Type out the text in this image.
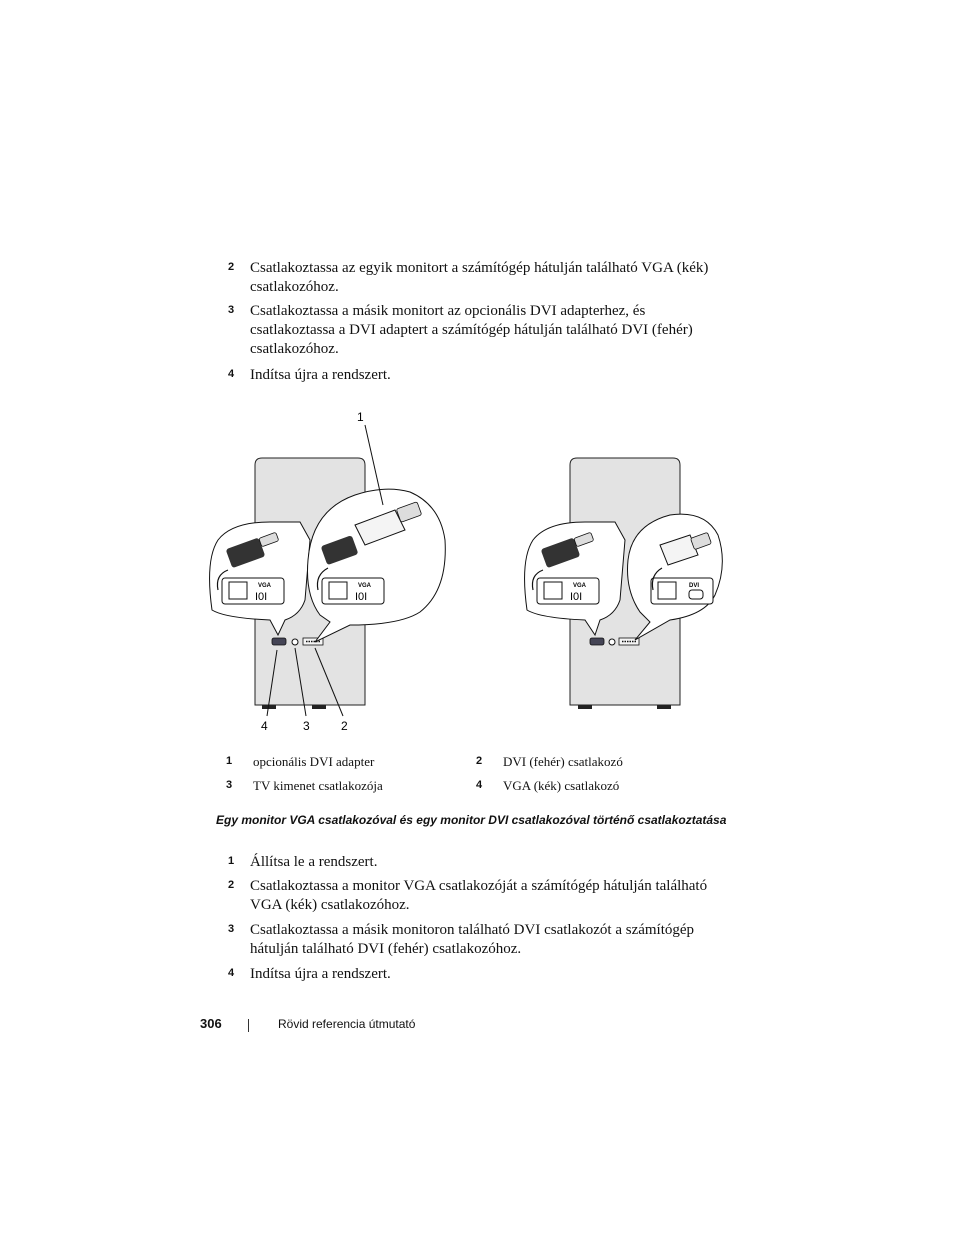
2 Csatlakoztassa az egyik monitort a számítógép hátulján található VGA (kék) csatlakozóhoz.
3 Csatlakoztassa a másik monitort az opcionális DVI adapterhez, és csatlakoztassa a DVI adaptert a számítógép hátulján található DVI (fehér) csatlakozóhoz.
4 Indítsa újra a rendszert.
VGA
I0I
VGA
I0I
VGA
I0I
DVI
1
4	3	2
1 opcionális DVI adapter	2 DVI (fehér) csatlakozó
3 TV kimenet csatlakozója	4 VGA (kék) csatlakozó
Egy monitor VGA csatlakozóval és egy monitor DVI csatlakozóval történő csatlakoztatása
1 Állítsa le a rendszert.
2 Csatlakoztassa a monitor VGA csatlakozóját a számítógép hátulján található VGA (kék) csatlakozóhoz.
3 Csatlakoztassa a másik monitoron található DVI csatlakozót a számítógép hátulján található DVI (fehér) csatlakozóhoz.
4 Indítsa újra a rendszert.
306	Rövid referencia útmutató
